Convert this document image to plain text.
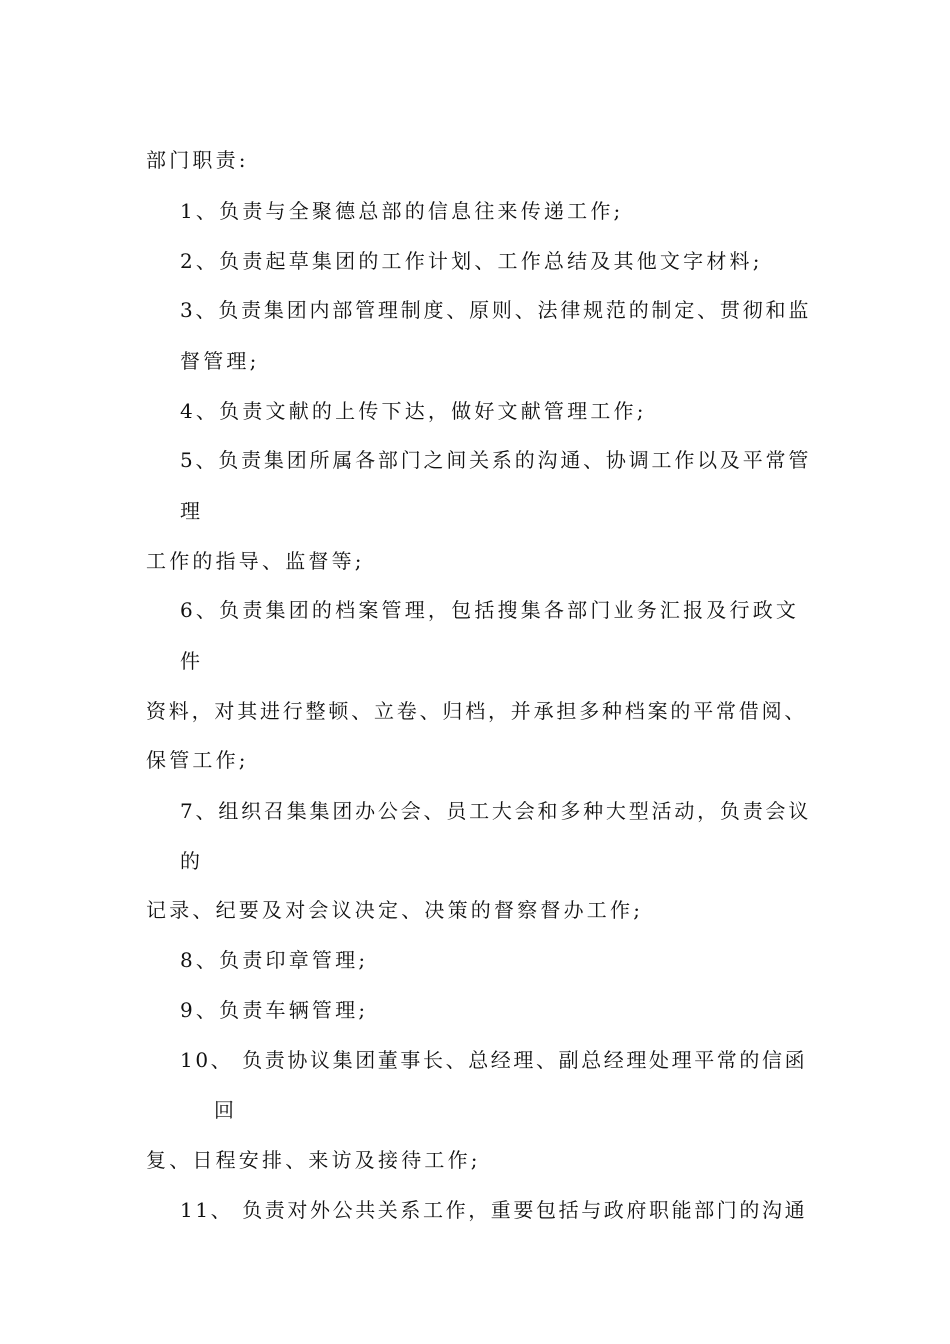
部门职责:
1、负责与全聚德总部的信息往来传递工作;
2、负责起草集团的工作计划、工作总结及其他文字材料;
3、负责集团内部管理制度、原则、法律规范的制定、贯彻和监
督管理;
4、负责文献的上传下达，做好文献管理工作;
5、负责集团所属各部门之间关系的沟通、协调工作以及平常管
理
工作的指导、监督等;
6、负责集团的档案管理，包括搜集各部门业务汇报及行政文
件
资料，对其进行整顿、立卷、归档，并承担多种档案的平常借阅、
保管工作;
7、组织召集集团办公会、员工大会和多种大型活动，负责会议
的
记录、纪要及对会议决定、决策的督察督办工作;
8、负责印章管理;
9、负责车辆管理;
10、 负责协议集团董事长、总经理、副总经理处理平常的信函
回
复、日程安排、来访及接待工作;
11、 负责对外公共关系工作，重要包括与政府职能部门的沟通
